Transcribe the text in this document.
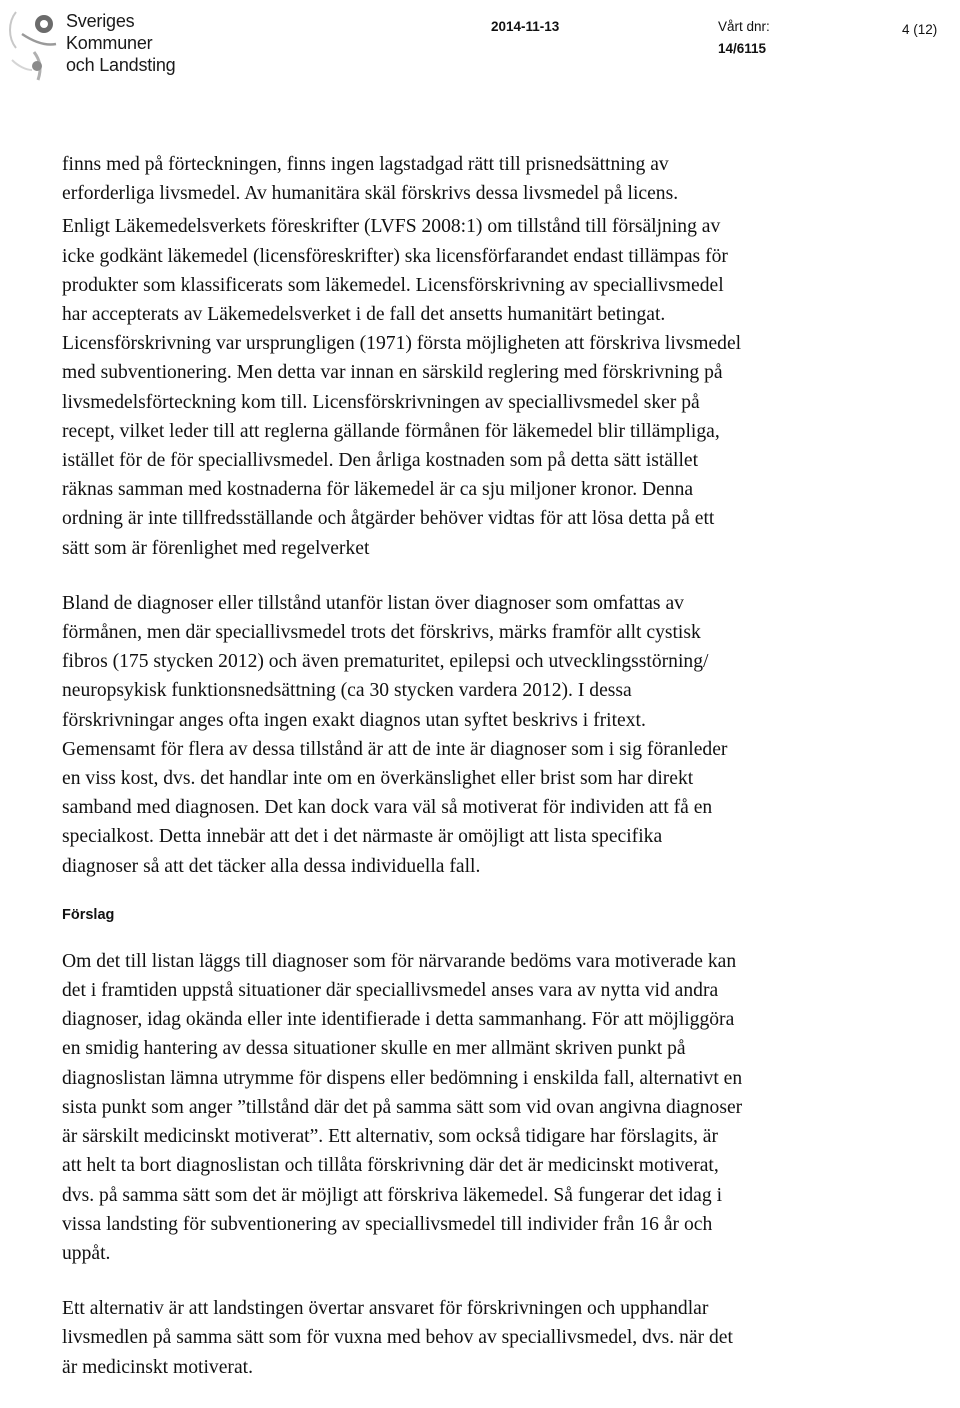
Sveriges
Kommuner
och Landsting
2014-11-13	Vårt dnr:
14/6115
4 (12)
finns med på förteckningen, finns ingen lagstadgad rätt till prisnedsättning av
erforderliga livsmedel. Av humanitära skäl förskrivs dessa livsmedel på licens.
Enligt Läkemedelsverkets föreskrifter (LVFS 2008:1) om tillstånd till försäljning av
icke godkänt läkemedel (licensföreskrifter) ska licensförfarandet endast tillämpas för
produkter som klassificerats som läkemedel. Licensförskrivning av speciallivsmedel
har accepterats av Läkemedelsverket i de fall det ansetts humanitärt betingat.
Licensförskrivning var ursprungligen (1971) första möjligheten att förskriva livsmedel
med subventionering. Men detta var innan en särskild reglering med förskrivning på
livsmedelsförteckning kom till. Licensförskrivningen av speciallivsmedel sker på
recept, vilket leder till att reglerna gällande förmånen för läkemedel blir tillämpliga,
istället för de för speciallivsmedel. Den årliga kostnaden som på detta sätt istället
räknas samman med kostnaderna för läkemedel är ca sju miljoner kronor. Denna
ordning är inte tillfredsställande och åtgärder behöver vidtas för att lösa detta på ett
sätt som är förenlighet med regelverket
Bland de diagnoser eller tillstånd utanför listan över diagnoser som omfattas av
förmånen, men där speciallivsmedel trots det förskrivs, märks framför allt cystisk
fibros (175 stycken 2012) och även prematuritet, epilepsi och utvecklingsstörning/
neuropsykisk funktionsnedsättning (ca 30 stycken vardera 2012). I dessa
förskrivningar anges ofta ingen exakt diagnos utan syftet beskrivs i fritext.
Gemensamt för flera av dessa tillstånd är att de inte är diagnoser som i sig föranleder
en viss kost, dvs. det handlar inte om en överkänslighet eller brist som har direkt
samband med diagnosen. Det kan dock vara väl så motiverat för individen att få en
specialkost. Detta innebär att det i det närmaste är omöjligt att lista specifika
diagnoser så att det täcker alla dessa individuella fall.
Förslag
Om det till listan läggs till diagnoser som för närvarande bedöms vara motiverade kan
det i framtiden uppstå situationer där speciallivsmedel anses vara av nytta vid andra
diagnoser, idag okända eller inte identifierade i detta sammanhang. För att möjliggöra
en smidig hantering av dessa situationer skulle en mer allmänt skriven punkt på
diagnoslistan lämna utrymme för dispens eller bedömning i enskilda fall, alternativt en
sista punkt som anger ”tillstånd där det på samma sätt som vid ovan angivna diagnoser
är särskilt medicinskt motiverat”. Ett alternativ, som också tidigare har förslagits, är
att helt ta bort diagnoslistan och tillåta förskrivning där det är medicinskt motiverat,
dvs. på samma sätt som det är möjligt att förskriva läkemedel. Så fungerar det idag i
vissa landsting för subventionering av speciallivsmedel till individer från 16 år och
uppåt.
Ett alternativ är att landstingen övertar ansvaret för förskrivningen och upphandlar
livsmedlen på samma sätt som för vuxna med behov av speciallivsmedel, dvs. när det
är medicinskt motiverat.
